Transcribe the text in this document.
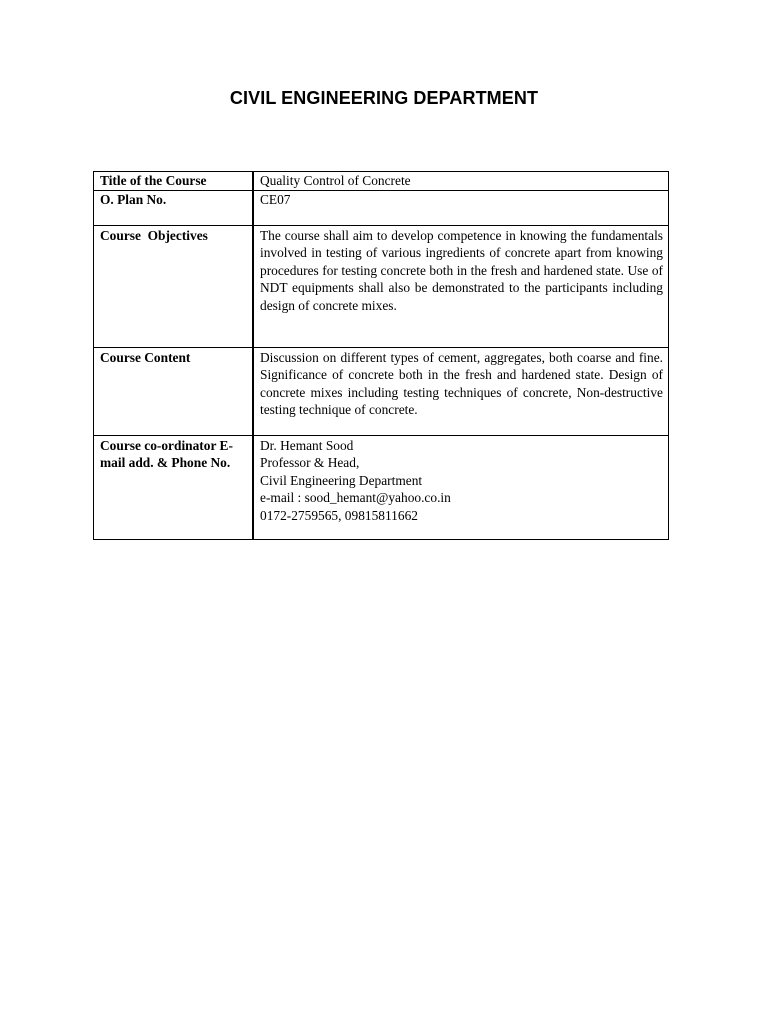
CIVIL ENGINEERING DEPARTMENT
Title of the Course	Quality Control of Concrete
O. Plan No.	CE07
Course  Objectives	The course shall aim to develop competence in knowing the fundamentals involved in testing of various ingredients of concrete apart from knowing procedures for testing concrete both in the fresh and hardened state. Use of NDT equipments shall also be demonstrated to the participants including design of concrete mixes.
Course Content	Discussion on different types of cement, aggregates, both coarse and fine. Significance of concrete both in the fresh and hardened state. Design of concrete mixes including testing techniques of concrete, Non-destructive testing technique of concrete.
Course co-ordinator E-mail add. & Phone No.	Dr. Hemant Sood
Professor & Head,
Civil Engineering Department
e-mail : sood_hemant@yahoo.co.in
0172-2759565, 09815811662
